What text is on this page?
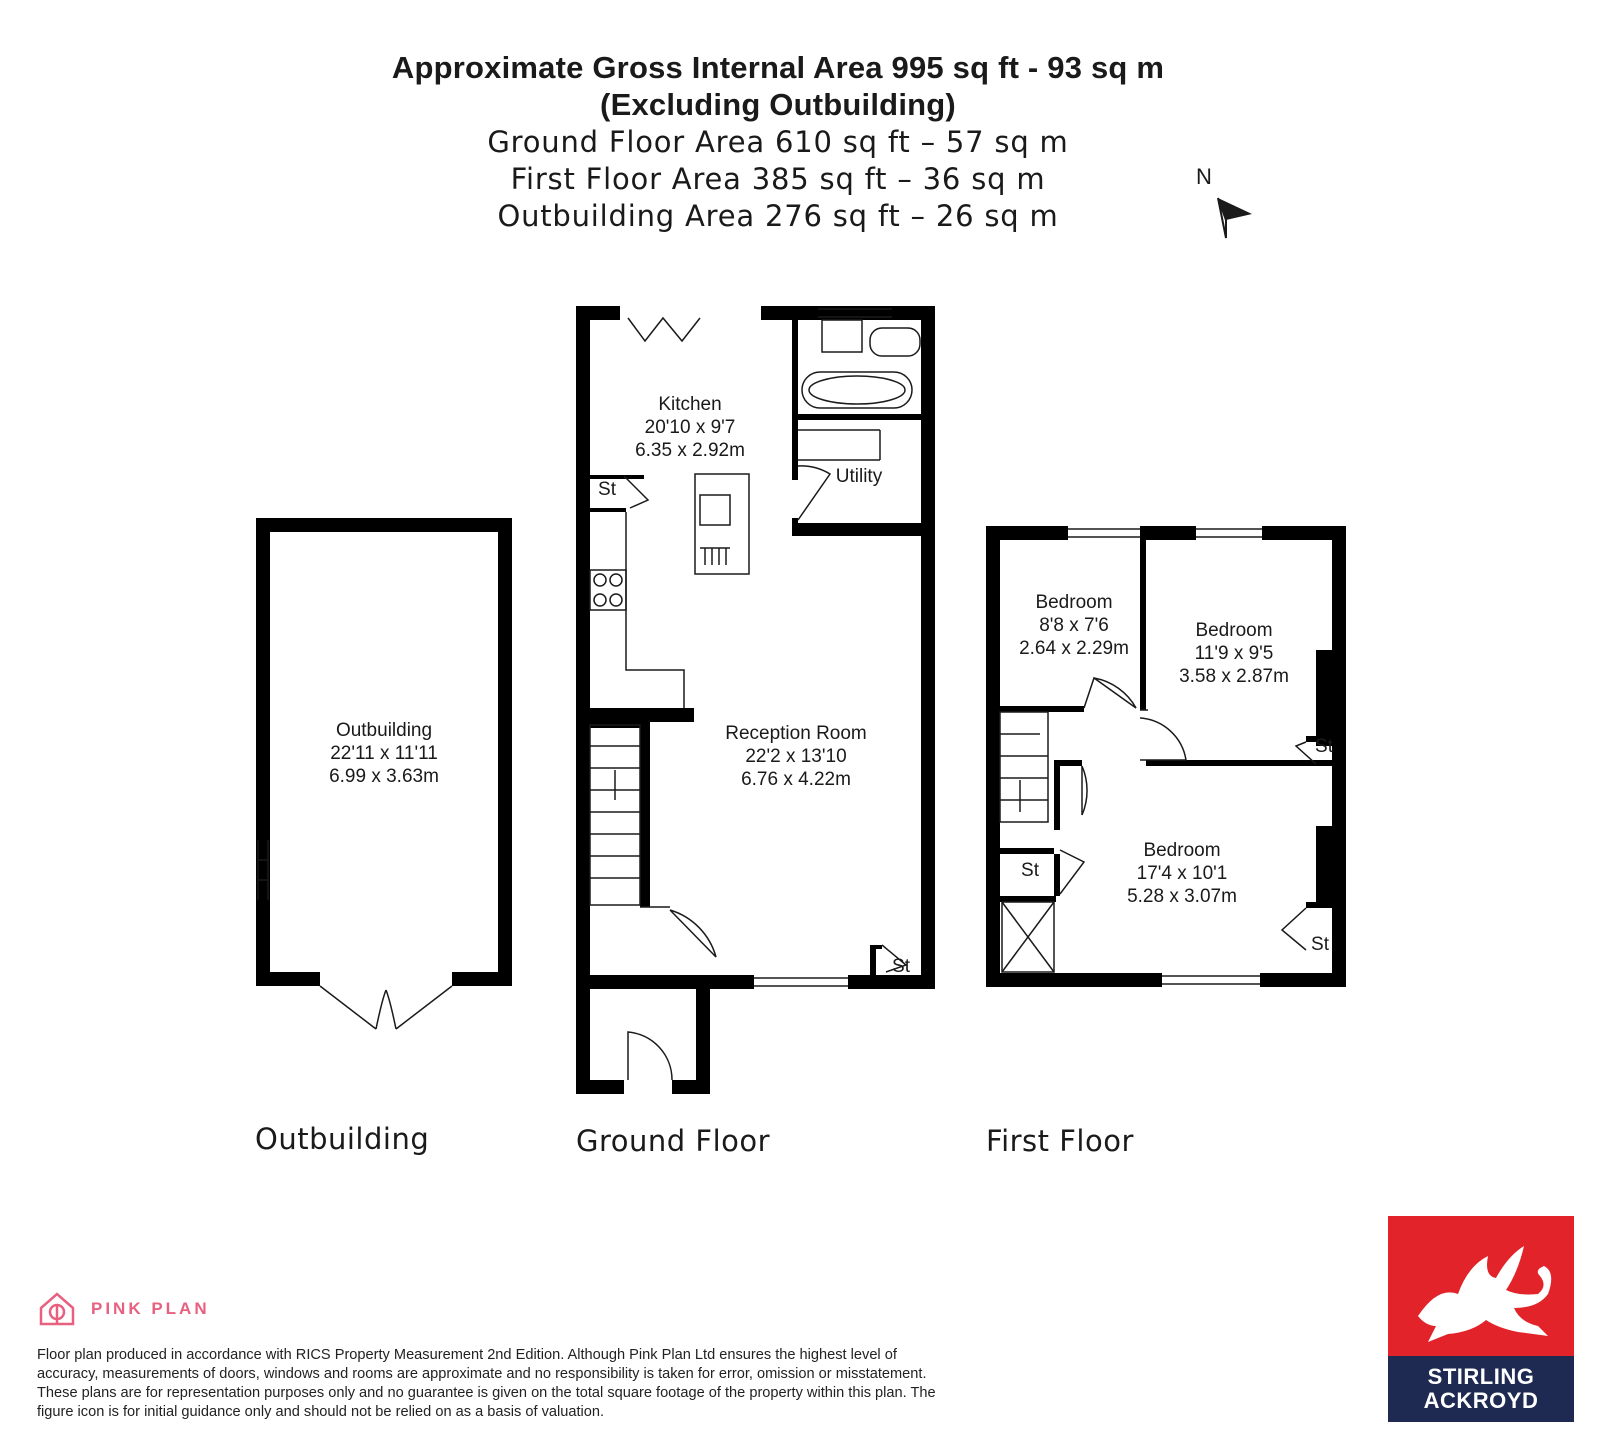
Approximate Gross Internal Area 995 sq ft - 93 sq m
(Excluding Outbuilding)
Ground Floor Area 610 sq ft – 57 sq m
First Floor Area 385 sq ft – 36 sq m
Outbuilding Area 276 sq ft – 26 sq m
N
Outbuilding
22'11 x 11'11
6.99 x 3.63m
Kitchen
20'10 x 9'7
6.35 x 2.92m
Utility
St
Reception Room
22'2 x 13'10
6.76 x 4.22m
St
Bedroom
8'8 x 7'6
2.64 x 2.29m
Bedroom
11'9 x 9'5
3.58 x 2.87m
St
Bedroom
17'4 x 10'1
5.28 x 3.07m
St
St
Outbuilding	Ground Floor	First Floor
PINK PLAN
Floor plan produced in accordance with RICS Property Measurement 2nd Edition. Although Pink Plan Ltd ensures the highest level of accuracy, measurements of doors, windows and rooms are approximate and no responsibility is taken for error, omission or misstatement. These plans are for representation purposes only and no guarantee is given on the total square footage of the property within this plan. The figure icon is for initial guidance only and should not be relied on as a basis of valuation.
STIRLING
ACKROYD
